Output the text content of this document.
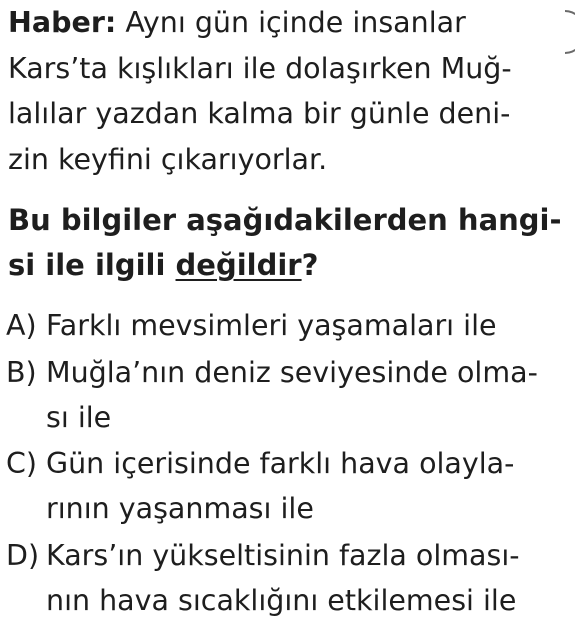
Haber: Aynı gün içinde insanlar
Kars’ta kışlıkları ile dolaşırken Muğ-
lalılar yazdan kalma bir günle deni-
zin keyfini çıkarıyorlar.
Bu bilgiler aşağıdakilerden hangi-
si ile ilgili değildir?
A) Farklı mevsimleri yaşamaları ile
B) Muğla’nın deniz seviyesinde olma-
sı ile
C) Gün içerisinde farklı hava olayla-
rının yaşanması ile
D) Kars’ın yükseltisinin fazla olması-
nın hava sıcaklığını etkilemesi ile
